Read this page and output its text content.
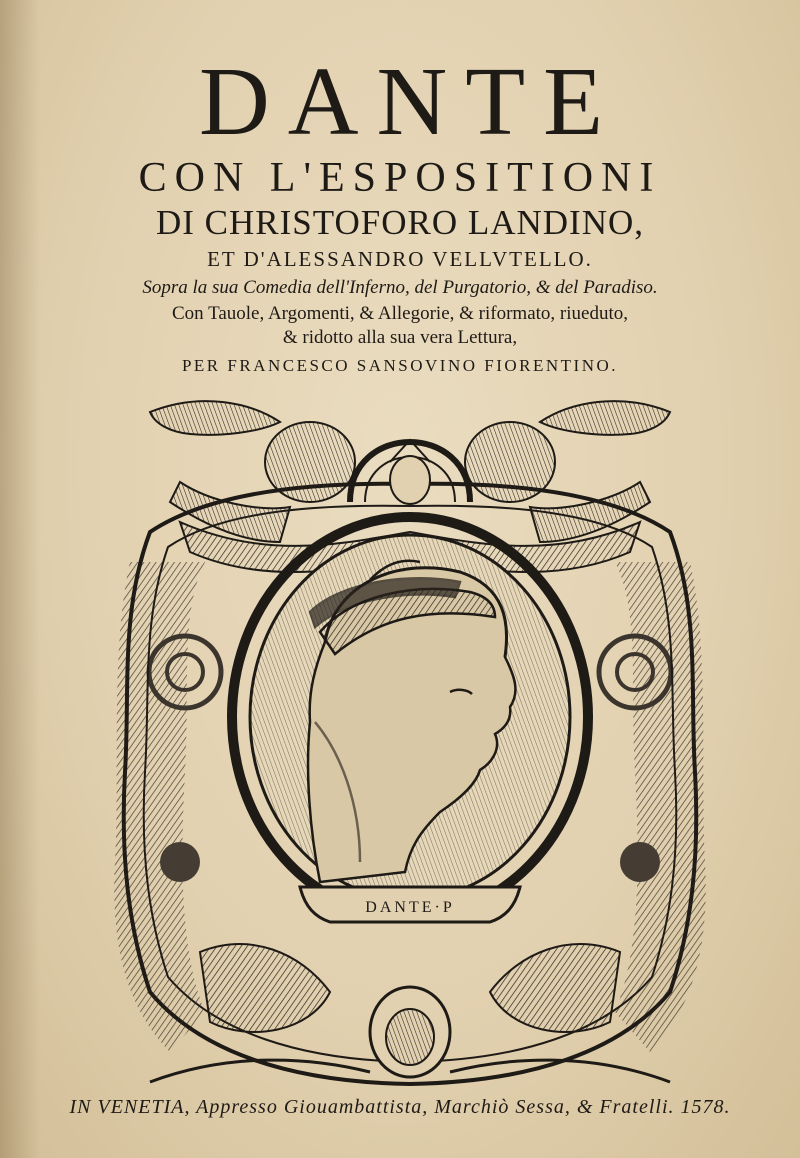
DANTE
CON L'ESPOSITIONI
DI CHRISTOFORO LANDINO,
ET D'ALESSANDRO VELLVTELLO.
Sopra la sua Comedia dell'Inferno, del Purgatorio, & del Paradiso.
Con Tauole, Argomenti, & Allegorie, & riformato, riueduto,
& ridotto alla sua vera Lettura,
PER FRANCESCO SANSOVINO FIORENTINO.
DANTE·P
IN VENETIA, Appresso Giouambattista, Marchiò Sessa, & Fratelli. 1578.
